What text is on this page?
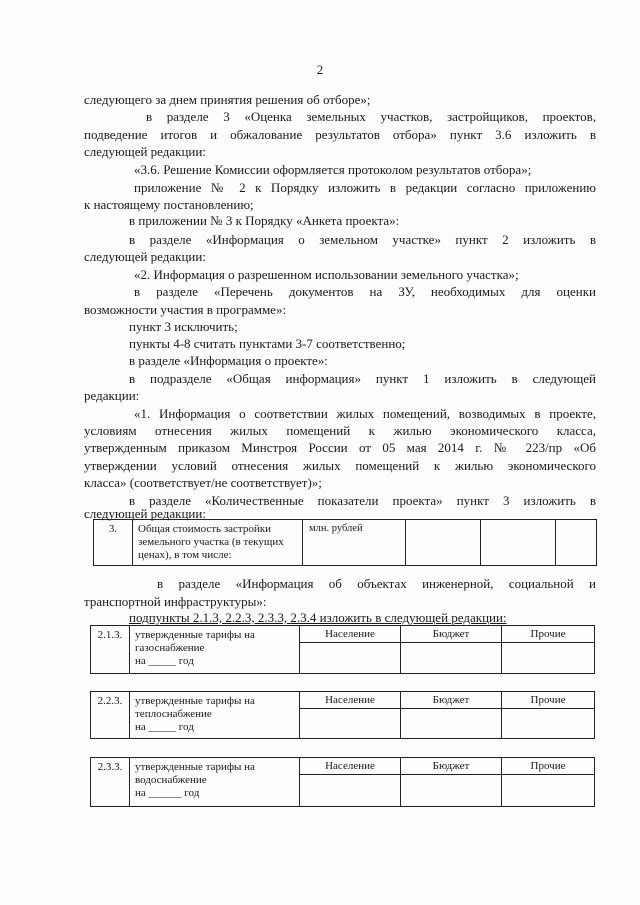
2
следующего за днем принятия решения об отборе»;
в разделе 3 «Оценка земельных участков, застройщиков, проектов,
подведение итогов и обжалование результатов отбора» пункт 3.6 изложить в
следующей редакции:
«3.6. Решение Комиссии оформляется протоколом результатов отбора»;
приложение № 2 к Порядку изложить в редакции согласно приложению
к настоящему постановлению;
в приложении № 3 к Порядку «Анкета проекта»:
в разделе «Информация о земельном участке» пункт 2 изложить в
следующей редакции:
«2. Информация о разрешенном использовании земельного участка»;
в разделе «Перечень документов на ЗУ, необходимых для оценки
возможности участия в программе»:
пункт 3 исключить;
пункты 4-8 считать пунктами 3-7 соответственно;
в разделе «Информация о проекте»:
в подразделе «Общая информация» пункт 1 изложить в следующей
редакции:
«1. Информация о соответствии жилых помещений, возводимых в проекте,
условиям отнесения жилых помещений к жилью экономического класса,
утвержденным приказом Минстроя России от 05 мая 2014 г. № 223/пр «Об
утверждении условий отнесения жилых помещений к жилью экономического
класса» (соответствует/не соответствует)»;
в разделе «Количественные показатели проекта» пункт 3 изложить в
следующей редакции:
3.	Общая стоимость застройки земельного участка (в текущих ценах), в том числе:	млн. рублей			
в разделе «Информация об объектах инженерной, социальной и
транспортной инфраструктуры»:
подпункты 2.1.3, 2.2.3, 2.3.3, 2.3.4 изложить в следующей редакции:
2.1.3.	утвержденные тарифы на
газоснабжение
на _____ год	Население	Бюджет	Прочие

2.2.3.	утвержденные тарифы на
теплоснабжение
на _____ год	Население	Бюджет	Прочие

2.3.3.	утвержденные тарифы на
водоснабжение
на ______ год	Население	Бюджет	Прочие
